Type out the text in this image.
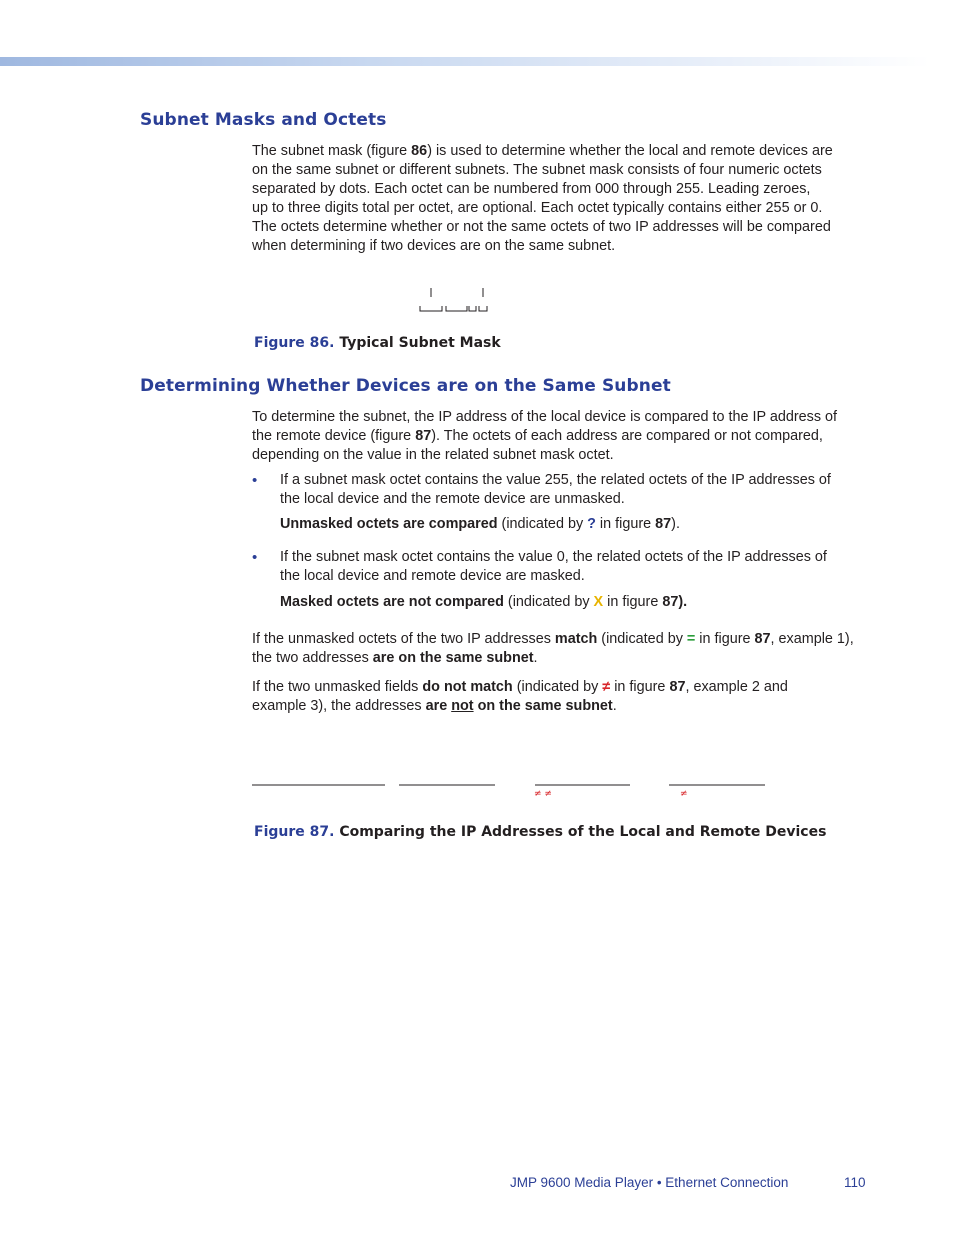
Subnet Masks and Octets
The subnet mask (figure 86) is used to determine whether the local and remote devices are
on the same subnet or different subnets. The subnet mask consists of four numeric octets
separated by dots. Each octet can be numbered from 000 through 255. Leading zeroes,
up to three digits total per octet, are optional. Each octet typically contains either 255 or 0.
The octets determine whether or not the same octets of two IP addresses will be compared
when determining if two devices are on the same subnet.
Figure 86. Typical Subnet Mask
Determining Whether Devices are on the Same Subnet
To determine the subnet, the IP address of the local device is compared to the IP address of
the remote device (figure 87). The octets of each address are compared or not compared,
depending on the value in the related subnet mask octet.
• If a subnet mask octet contains the value 255, the related octets of the IP addresses of
the local device and the remote device are unmasked.
Unmasked octets are compared (indicated by ? in figure 87).
• If the subnet mask octet contains the value 0, the related octets of the IP addresses of
the local device and remote device are masked.
Masked octets are not compared (indicated by X in figure 87).
If the unmasked octets of the two IP addresses match (indicated by = in figure 87, example 1),
the two addresses are on the same subnet.
If the two unmasked fields do not match (indicated by ≠ in figure 87, example 2 and
example 3), the addresses are not on the same subnet.
≠ ≠	≠
Figure 87. Comparing the IP Addresses of the Local and Remote Devices
JMP 9600 Media Player • Ethernet Connection	110
